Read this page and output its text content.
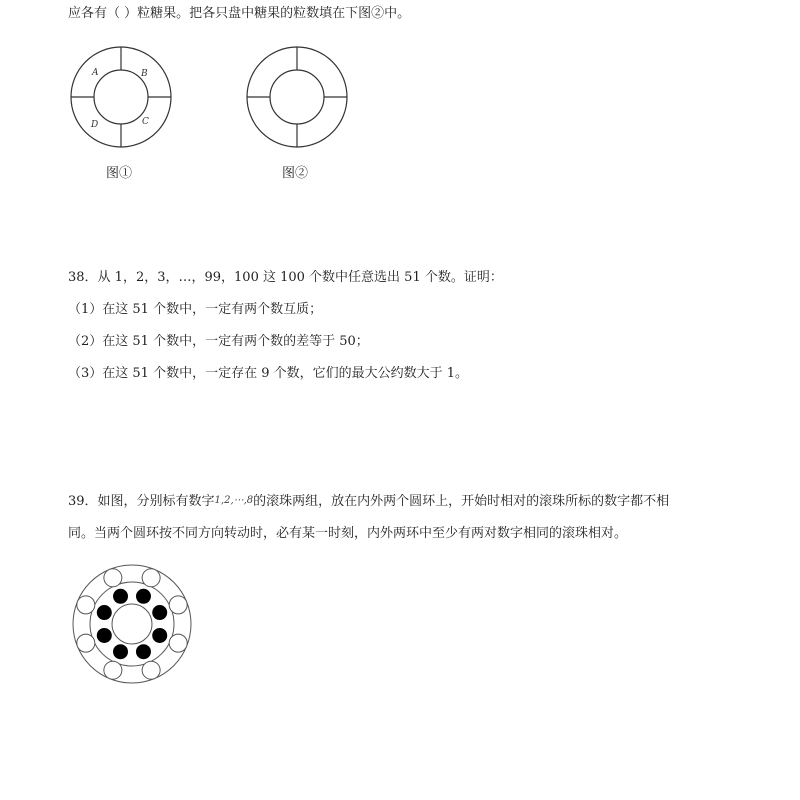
应各有（ ）粒糖果。把各只盘中糖果的粒数填在下图②中。
A	B
C
D
图①	图②
38．从 1，2，3，…，99，100 这 100 个数中任意选出 51 个数。证明：
（1）在这 51 个数中，一定有两个数互质；
（2）在这 51 个数中，一定有两个数的差等于 50；
（3）在这 51 个数中，一定存在 9 个数，它们的最大公约数大于 1。
39．如图，分别标有数字1,2,⋯,8的滚珠两组，放在内外两个圆环上，开始时相对的滚珠所标的数字都不相
同。当两个圆环按不同方向转动时，必有某一时刻，内外两环中至少有两对数字相同的滚珠相对。
